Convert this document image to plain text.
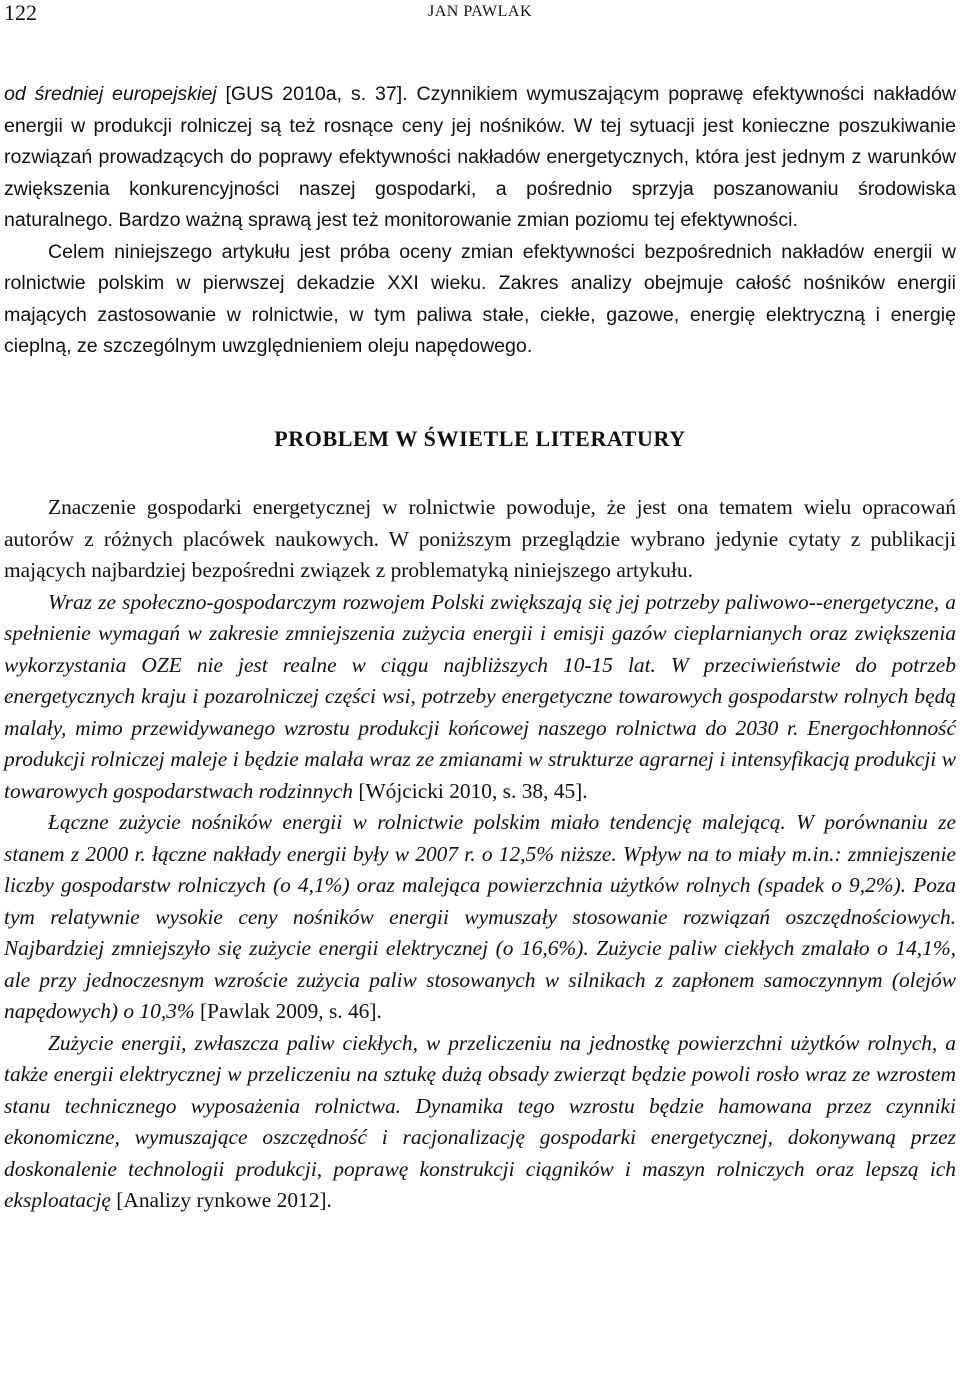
122	JAN PAWLAK

od średniej europejskiej [GUS 2010a, s. 37]. Czynnikiem wymuszającym poprawę efektywności nakładów energii w produkcji rolniczej są też rosnące ceny jej nośników. W tej sytuacji jest konieczne poszukiwanie rozwiązań prowadzących do poprawy efektywności nakładów energetycznych, która jest jednym z warunków zwiększenia konkurencyjności naszej gospodarki, a pośrednio sprzyja poszanowaniu środowiska naturalnego. Bardzo ważną sprawą jest też monitorowanie zmian poziomu tej efektywności.

Celem niniejszego artykułu jest próba oceny zmian efektywności bezpośrednich nakładów energii w rolnictwie polskim w pierwszej dekadzie XXI wieku. Zakres analizy obejmuje całość nośników energii mających zastosowanie w rolnictwie, w tym paliwa stałe, ciekłe, gazowe, energię elektryczną i energię cieplną, ze szczególnym uwzględnieniem oleju napędowego.

PROBLEM W ŚWIETLE LITERATURY

Znaczenie gospodarki energetycznej w rolnictwie powoduje, że jest ona tematem wielu opracowań autorów z różnych placówek naukowych. W poniższym przeglądzie wybrano jedynie cytaty z publikacji mających najbardziej bezpośredni związek z problematyką niniejszego artykułu.

Wraz ze społeczno-gospodarczym rozwojem Polski zwiększają się jej potrzeby paliwowo--energetyczne, a spełnienie wymagań w zakresie zmniejszenia zużycia energii i emisji gazów cieplarnianych oraz zwiększenia wykorzystania OZE nie jest realne w ciągu najbliższych 10-15 lat. W przeciwieństwie do potrzeb energetycznych kraju i pozarolniczej części wsi, potrzeby energetyczne towarowych gospodarstw rolnych będą malały, mimo przewidywanego wzrostu produkcji końcowej naszego rolnictwa do 2030 r. Energochłonność produkcji rolniczej maleje i będzie malała wraz ze zmianami w strukturze agrarnej i intensyfikacją produkcji w towarowych gospodarstwach rodzinnych [Wójcicki 2010, s. 38, 45].

Łączne zużycie nośników energii w rolnictwie polskim miało tendencję malejącą. W porównaniu ze stanem z 2000 r. łączne nakłady energii były w 2007 r. o 12,5% niższe. Wpływ na to miały m.in.: zmniejszenie liczby gospodarstw rolniczych (o 4,1%) oraz malejąca powierzchnia użytków rolnych (spadek o 9,2%). Poza tym relatywnie wysokie ceny nośników energii wymuszały stosowanie rozwiązań oszczędnościowych. Najbardziej zmniejszyło się zużycie energii elektrycznej (o 16,6%). Zużycie paliw ciekłych zmalało o 14,1%, ale przy jednoczesnym wzroście zużycia paliw stosowanych w silnikach z zapłonem samoczynnym (olejów napędowych) o 10,3% [Pawlak 2009, s. 46].

Zużycie energii, zwłaszcza paliw ciekłych, w przeliczeniu na jednostkę powierzchni użytków rolnych, a także energii elektrycznej w przeliczeniu na sztukę dużą obsady zwierząt będzie powoli rosło wraz ze wzrostem stanu technicznego wyposażenia rolnictwa. Dynamika tego wzrostu będzie hamowana przez czynniki ekonomiczne, wymuszające oszczędność i racjonalizację gospodarki energetycznej, dokonywaną przez doskonalenie technologii produkcji, poprawę konstrukcji ciągników i maszyn rolniczych oraz lepszą ich eksploatację [Analizy rynkowe 2012].
